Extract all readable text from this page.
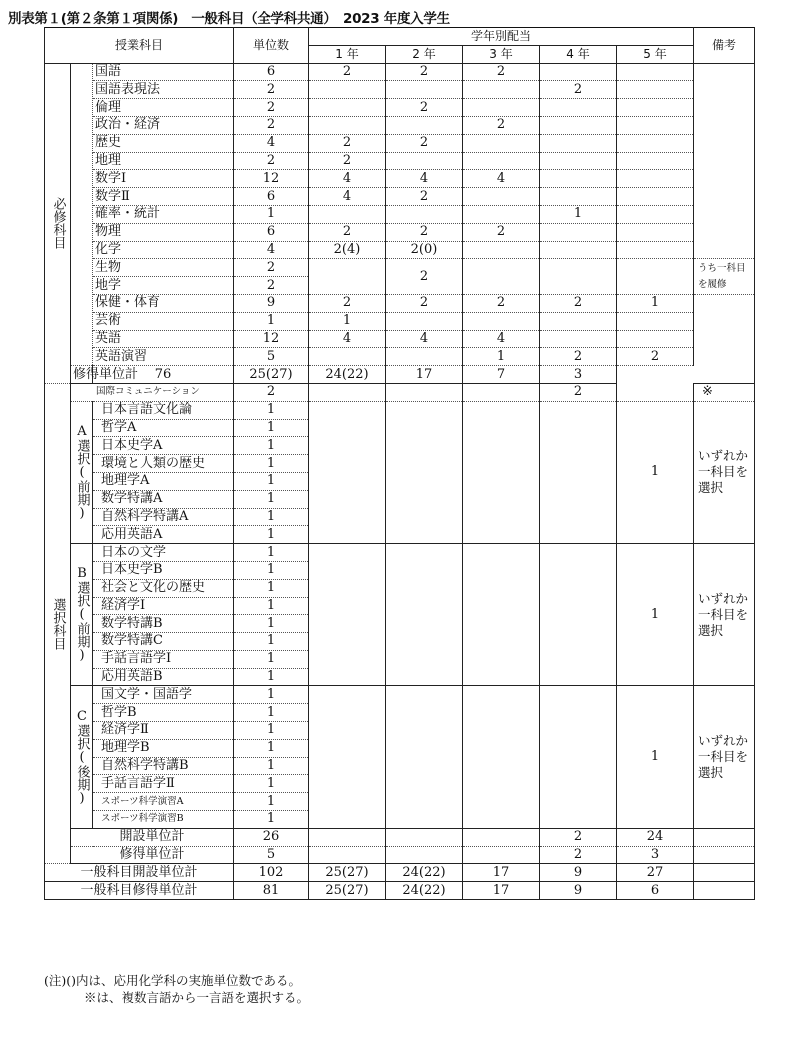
別表第１(第２条第１項関係)　一般科目（全学科共通）　2023 年度入学生
授業科目			単位数	学年別配当					備考
				1 年	2 年	3 年	4 年	5 年	
必修科目		国語	6	2	2	2			
		国語表現法	2				2		
		倫理	2		2				
		政治・経済	2			2			
		歴史	4	2	2				
		地理	2	2					
		数学Ⅰ	12	4	4	4			
		数学Ⅱ	6	4	2				
		確率・統計	1				1		
		物理	6	2	2	2			
		化学	4	2(4)	2(0)				
		生物	2		2				うち一科目を履修
		地学	2						
		保健・体育	9	2	2	2	2	1	
		芸術	1	1					
		英語	12	4	4	4			
		英語演習	5			1	2	2	
	修得単位計	76	25(27)	24(22)	17	7	3		
選択科目	国際コミュニケーション		2				2		※
	A選択(前期)	日本言語文化論	1					1	いずれか一科目を選択
		哲学A	1						
		日本史学A	1						
		環境と人類の歴史	1						
		地理学A	1						
		数学特講A	1						
		自然科学特講A	1						
		応用英語A	1						
	B選択(前期)	日本の文学	1					1	いずれか一科目を選択
		日本史学B	1						
		社会と文化の歴史	1						
		経済学Ⅰ	1						
		数学特講B	1						
		数学特講C	1						
		手話言語学Ⅰ	1						
		応用英語B	1						
	C選択(後期)	国文学・国語学	1					1	いずれか一科目を選択
		哲学B	1						
		経済学Ⅱ	1						
		地理学B	1						
		自然科学特講B	1						
		手話言語学Ⅱ	1						
		スポーツ科学演習A	1						
		スポーツ科学演習B	1						
	開設単位計		26				2	24	
	修得単位計		5				2	3	
一般科目開設単位計			102	25(27)	24(22)	17	9	27	
一般科目修得単位計			81	25(27)	24(22)	17	9	6	
(注)()内は、応用化学科の実施単位数である。
※は、複数言語から一言語を選択する。
